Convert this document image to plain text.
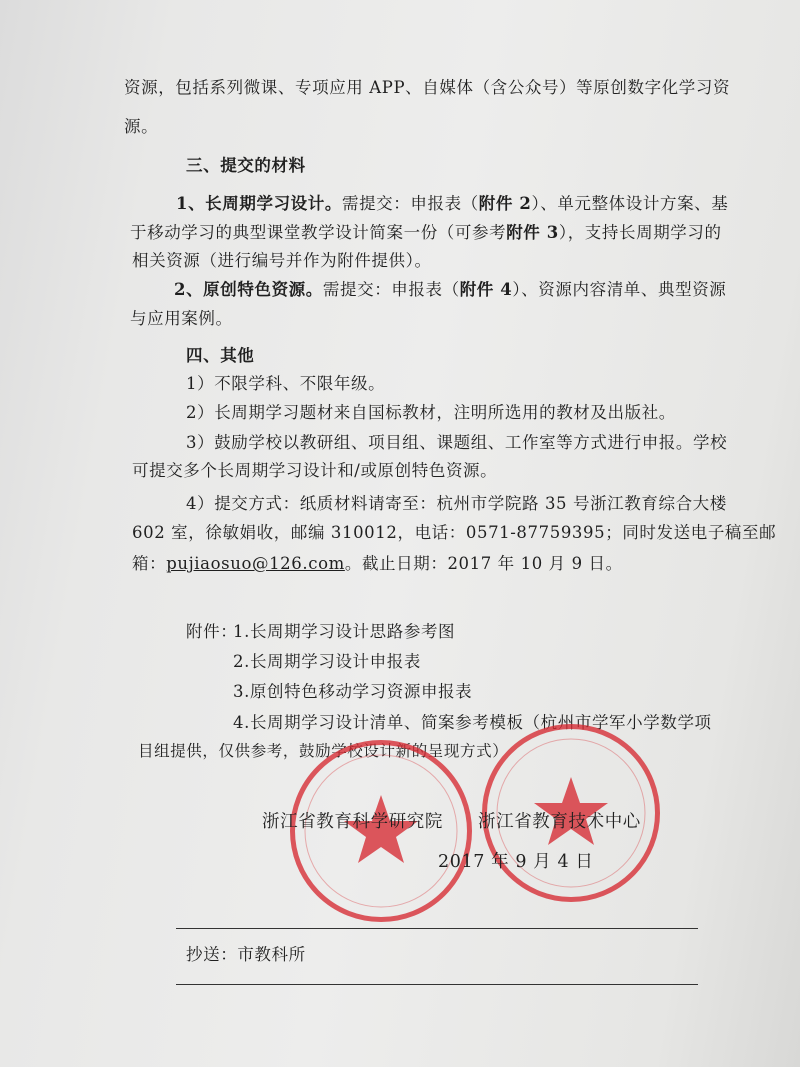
资源，包括系列微课、专项应用 APP、自媒体（含公众号）等原创数字化学习资
源。
三、提交的材料
1、长周期学习设计。需提交：申报表（附件 2）、单元整体设计方案、基
于移动学习的典型课堂教学设计简案一份（可参考附件 3），支持长周期学习的
相关资源（进行编号并作为附件提供）。
2、原创特色资源。需提交：申报表（附件 4）、资源内容清单、典型资源
与应用案例。
四、其他
1）不限学科、不限年级。
2）长周期学习题材来自国标教材，注明所选用的教材及出版社。
3）鼓励学校以教研组、项目组、课题组、工作室等方式进行申报。学校
可提交多个长周期学习设计和/或原创特色资源。
4）提交方式：纸质材料请寄至：杭州市学院路 35 号浙江教育综合大楼
602 室，徐敏娟收，邮编 310012，电话：0571-87759395；同时发送电子稿至邮
箱：pujiaosuo@126.com。截止日期：2017 年 10 月 9 日。
附件：
1.长周期学习设计思路参考图
2.长周期学习设计申报表
3.原创特色移动学习资源申报表
4.长周期学习设计清单、简案参考模板（杭州市学军小学数学项
目组提供，仅供参考，鼓励学校设计新的呈现方式）
浙江省教育科学研究院 浙江省教育技术中心
2017 年 9 月 4 日
抄送：市教科所
